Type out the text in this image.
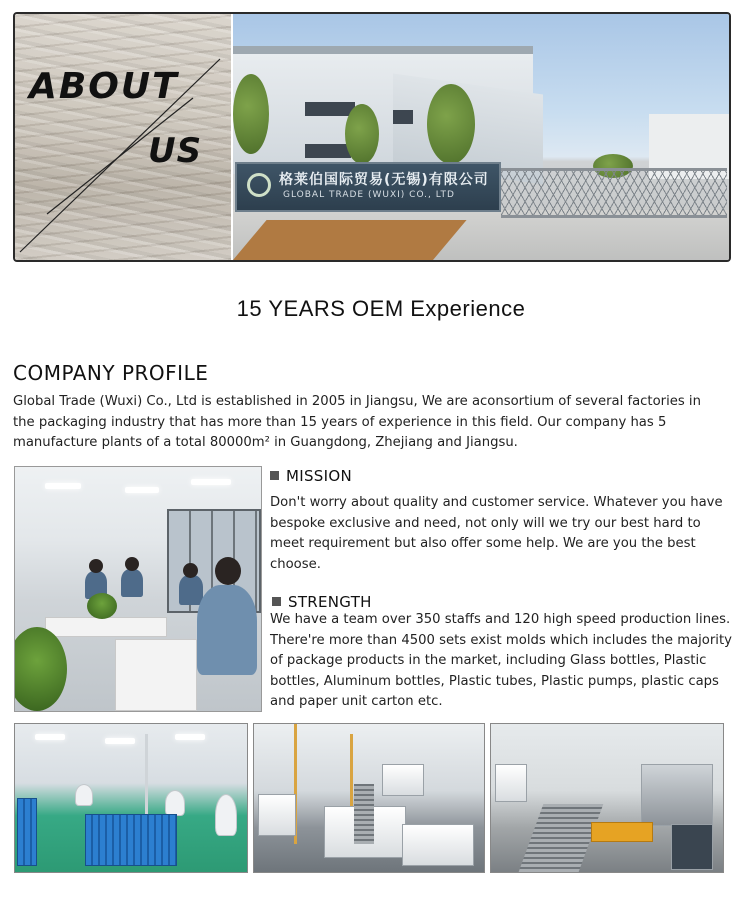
ABOUT
US
格莱伯国际贸易(无锡)有限公司
GLOBAL TRADE (WUXI) CO., LTD
15 YEARS OEM Experience
COMPANY PROFILE
Global Trade (Wuxi) Co., Ltd is established in 2005 in Jiangsu, We are aconsortium of several factories in the packaging industry that has more than 15 years of experience in this field. Our company has 5 manufacture plants of a total 80000m² in Guangdong, Zhejiang and Jiangsu.
MISSION
Don't worry about quality and customer service. Whatever you have bespoke exclusive and need, not only will we try our best hard to meet requirement but also offer some help. We are you the best choose.
STRENGTH
We have a team over 350 staffs and 120 high speed production lines. There're more than 4500 sets exist molds which includes the majority of package products in the market, including Glass bottles, Plastic bottles, Aluminum bottles, Plastic tubes, Plastic pumps, plastic caps and paper unit carton etc.
